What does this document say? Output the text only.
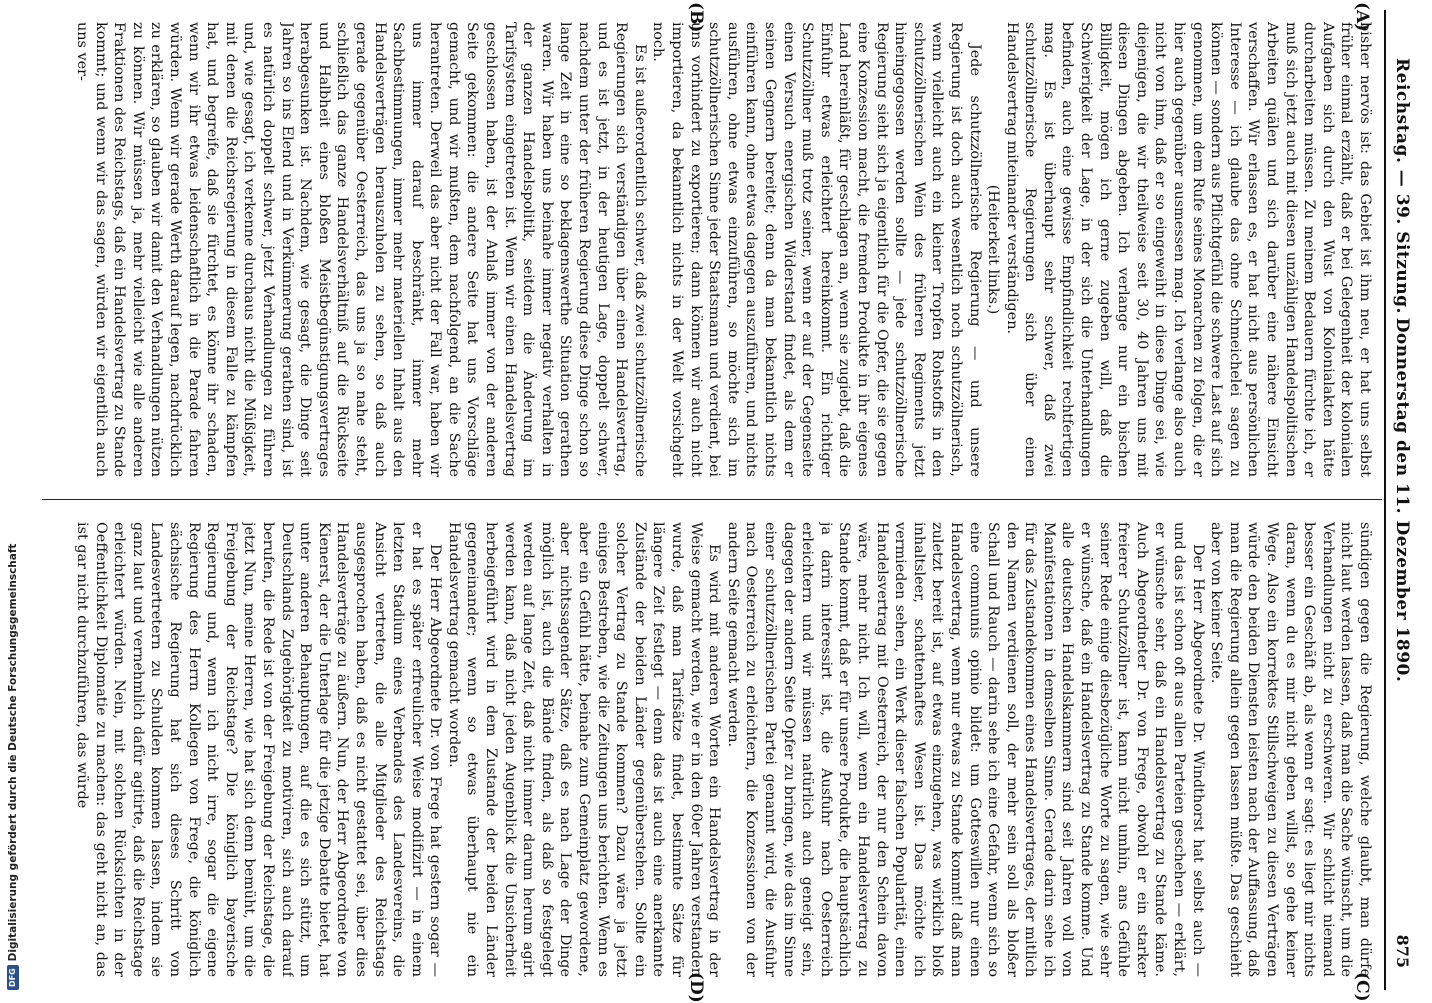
Reichstag. — 39. Sitzung.
Donnerstag den 11. Dezember 1890.
875
(A)
(B)
(C)
(D)

bisher nervös ist: das Gebiet ist ihm neu, er hat uns selbst früher einmal erzählt, daß er bei Gelegenheit der kolonialen Aufgaben sich durch den Wust von Kolonialakten hätte durcharbeiten müssen. Zu meinem Bedauern fürchte ich, er muß sich jetzt auch mit diesen unzähligen Handelspolitischen Arbeiten quälen und sich darüber eine nähere Einsicht verschaffen. Wir erlassen es, er hat nicht aus persönlichen Interesse — ich glaube das ohne Schmeichelei sagen zu können — sondern aus Pflichtgefühl die schwere Last auf sich genommen, um dem Rufe seines Monarchen zu folgen, die er hier auch gegenüber ausmessen mag. Ich verlange also auch nicht von ihm, daß er so eingeweiht in diese Dinge sei, wie diejenigen, die wir theilweise seit 30, 40 Jahren uns mit diesen Dingen abgeben. Ich verlange nur ein bischen Billigkeit, mögen ich gerne zugeben will, daß die Schwierigkeit der Lage, in der sich die Unterhandlungen befinden, auch eine gewisse Empfindlichkeit rechtfertigen mag. Es ist überhaupt sehr schwer, daß zwei schutzzöllnerische Regierungen sich über einen Handelsvertrag miteinander verständigen.

(Heiterkeit links.)

Jede schutzzöllnerische Regierung — und unsere Regierung ist doch auch wesentlich noch schutzzöllnerisch, wenn vielleicht auch ein kleiner Tropfen Rohstoffs in den schutzzöllnerischen Wein des früheren Regiments jetzt hineingegossen werden sollte — jede schutzzöllnerische Regierung sieht sich ja eigentlich für die Opfer, die sie gegen eine Konzession macht, die fremden Produkte in ihr eigenes Land hereinläßt, für geschlagen an, wenn sie zugiebt, daß die Einfuhr etwas erleichtert hereinkommt. Ein richtiger Schutzzöllner muß trotz seiner, wenn er auf der Gegenseite einen Versuch energischen Widerstand findet, als dem er seinen Gegnern bereitet; denn da man bekanntlich nichts einführen kann, ohne etwas dagegen auszuführen, und nichts ausführen, ohne etwas einzuführen, so möchte sich im schutzzöllnerischen Sinne jeder Staatsmann und verdient, bei uns vorhindert zu exportieren; dann können wir auch nicht importieren, da bekanntlich nichts in der Welt vorsichgeht noch.

Es ist außerordentlich schwer, daß zwei schutzzöllnerische Regierungen sich verständigen über einen Handelsvertrag, und es ist jetzt, in der heutigen Lage, doppelt schwer, nachdem unter der früheren Regierung diese Dinge schon so lange Zeit in eine so beklagenswerthe Situation gerathen waren. Wir haben uns beinahe immer negativ verhalten in der ganzen Handelspolitik, seitdem die Änderung im Tarifsystem eingetreten ist. Wenn wir einen Handelsvertrag geschlossen haben, ist der Anlaß immer von der anderen Seite gekommen: die andere Seite hat uns Vorschläge gemacht, und wir mußten, dem nachfolgend, an die Sache herantreten. Derweil das aber nicht der Fall war, haben wir uns immer darauf beschränkt, immer mehr Sachbestimmungen, immer mehr materiellen Inhalt aus den Handelsverträgen herauszuholen zu sehen, so daß auch gerade gegenüber Oesterreich, das uns ja so nahe steht, schließlich das ganze Handelsverhältniß auf die Rückseite und Halbheit eines bloßen Meistbegünstigungsvertrages herabgesunken ist. Nachdem, wie gesagt, die Dinge seit Jahren so ins Elend und in Verkümmerung gerathen sind, ist es natürlich doppelt schwer, jetzt Verhandlungen zu führen und, wie gesagt, ich verkenne durchaus nicht die Müßigkeit, mit denen die Reichsregierung in diesem Falle zu kämpfen hat, und begreife, daß sie fürchtet, es könne ihr schaden, wenn wir ihr etwas leidenschaftlich in die Parade fahren würden. Wenn wir gerade Werth darauf legen, nachdrücklich zu erklären, so glauben wir damit den Verhandlungen nützen zu können. Wir müssen ja, mehr vielleicht wie alle anderen Fraktionen des Reichstags, daß ein Handelsvertrag zu Stande kommt; und wenn wir das sagen, würden wir eigentlich auch uns ver-

sündigen gegen die Regierung, welche glaubt, man dürfe nicht laut werden lassen, daß man die Sache wünscht, um die Verhandlungen nicht zu erschweren. Wir schlicht niemand besser ein Geschäft ab, als wenn er sagt: es liegt mir nichts daran, wenn du es mir nicht geben willst, so gehe keiner Wege. Also ein korrektes Stillschweigen zu diesen Verträgen würde den beiden Diensten leisten nach der Auffassung, daß man die Regierung allein gegen lassen müßte. Das geschieht aber von keiner Seite.

Der Herr Abgeordnete Dr. Windthorst hat selbst auch — und das ist schon oft aus allen Parteien geschehen — erklärt, er wünsche sehr, daß ein Handelsvertrag zu Stande käme. Auch Abgeordneter Dr. von Frege, obwohl er ein starker freierer Schutzzöllner ist, kann nicht umhin, ans Gefühle seiner Rede einige diesbezügliche Worte zu sagen, wie sehr er wünsche, daß ein Handelsvertrag zu Stande komme. Und alle deutschen Handelskammern sind seit Jahren voll von Manifestationen in demselben Sinne. Gerade darin sehe ich für das Zustandekommen eines Handelsvertrages, der mitlich den Namen verdienen soll, der mehr sein soll als bloßer Schall und Rauch — darin sehe ich eine Gefahr, wenn sich so eine communis opinio bildet: um Gotteswillen nur einen Handelsvertrag, wenn nur etwas zu Stande kommt! daß man zuletzt bereit ist, auf etwas einzugehen, was wirklich bloß inhaltsleer, schattenhaftes Wesen ist. Das möchte ich vermieden sehen, ein Werk dieser falschen Popularität, einen Handelsvertrag mit Oesterreich, der nur den Schein davon wäre, mehr nicht. Ich will, wenn ein Handelsvertrag zu Stande kommt, daß er für unsere Produkte, die hauptsächlich ja darin interessirt ist, die Ausfuhr nach Oesterreich erleichtern und wir müssen natürlich auch geneigt sein, dagegen der andern Seite Opfer zu bringen, wie das im Sinne einer schutzzöllnerischen Partei genannt wird, die Ausfuhr nach Oesterreich zu erleichtern, die Konzessionen von der andern Seite gemacht werden.

Es wird mit anderen Worten ein Handelsvertrag in der Weise gemacht werden, wie er in den 60er Jahren verstanden wurde, daß man Tarifsätze findet, bestimmte Sätze für längere Zeit festlegt — denn das ist auch eine anerkannte Zustände der beiden Länder gegenüberstehen. Sollte ein solcher Vertrag zu Stande kommen? Dazu wäre ja jetzt einiges Bestreben, wie die Zeitungen uns berichten. Wenn es aber ein Gefühl hätte, beinahe zum Gemeinplatz gewordene, aber nichtssagender Sätze, daß es nach Lage der Dinge möglich ist, auch die Bände finden, als daß so festgelegt werden auf lange Zeit, daß nicht immer darum herum agirt werden kann, daß nicht jeden Augenblick die Unsicherheit herbeigeführt wird in dem Zustande der beiden Länder gegeneinander; wenn so etwas überhaupt nie ein Handelsvertrag gemacht worden.

Der Herr Abgeordnete Dr. von Frege hat gestern sogar — er hat es später erfreulicher Weise modifizirt — in einem letzten Stadium eines Verbandes des Landesvereins, die Ansicht vertreten, die alle Mitglieder des Reichstags ausgesprochen haben, daß es nicht gestattet sei, über dies Handelsverträge zu äußern. Nun, der Herr Abgeordnete von Kienerst, der die Unterlage für die jetzige Debatte bietet, hat unter anderen Behauptungen, auf die es sich stützt, um Deutschlands Zugehörigkeit zu motiviren, sich auch darauf berufen, die Rede ist von der Freigebung der Reichstage, die jetzt Nun, meine Herren, wie hat sich denn bemüht, um die Freigebung der Reichstage? Die königlich bayerische Regierung und, wenn ich nicht irre, sogar die eigene Regierung des Herrn Kollegen von Frege, die königlich sächsische Regierung hat sich dieses Schritt von Landesvertretern zu Schulden kommen lassen, indem sie ganz laut und vernehmlich dafür agitirte, daß die Reichstage erleichtert würden. Nein, mit solchen Rücksichten in der Oeffentlichkeit Diplomatie zu machen: das geht nicht an, das ist gar nicht durchzuführen, das würde

DFGDigitalisierung gefördert durch die Deutsche Forschungsgemeinschaft
